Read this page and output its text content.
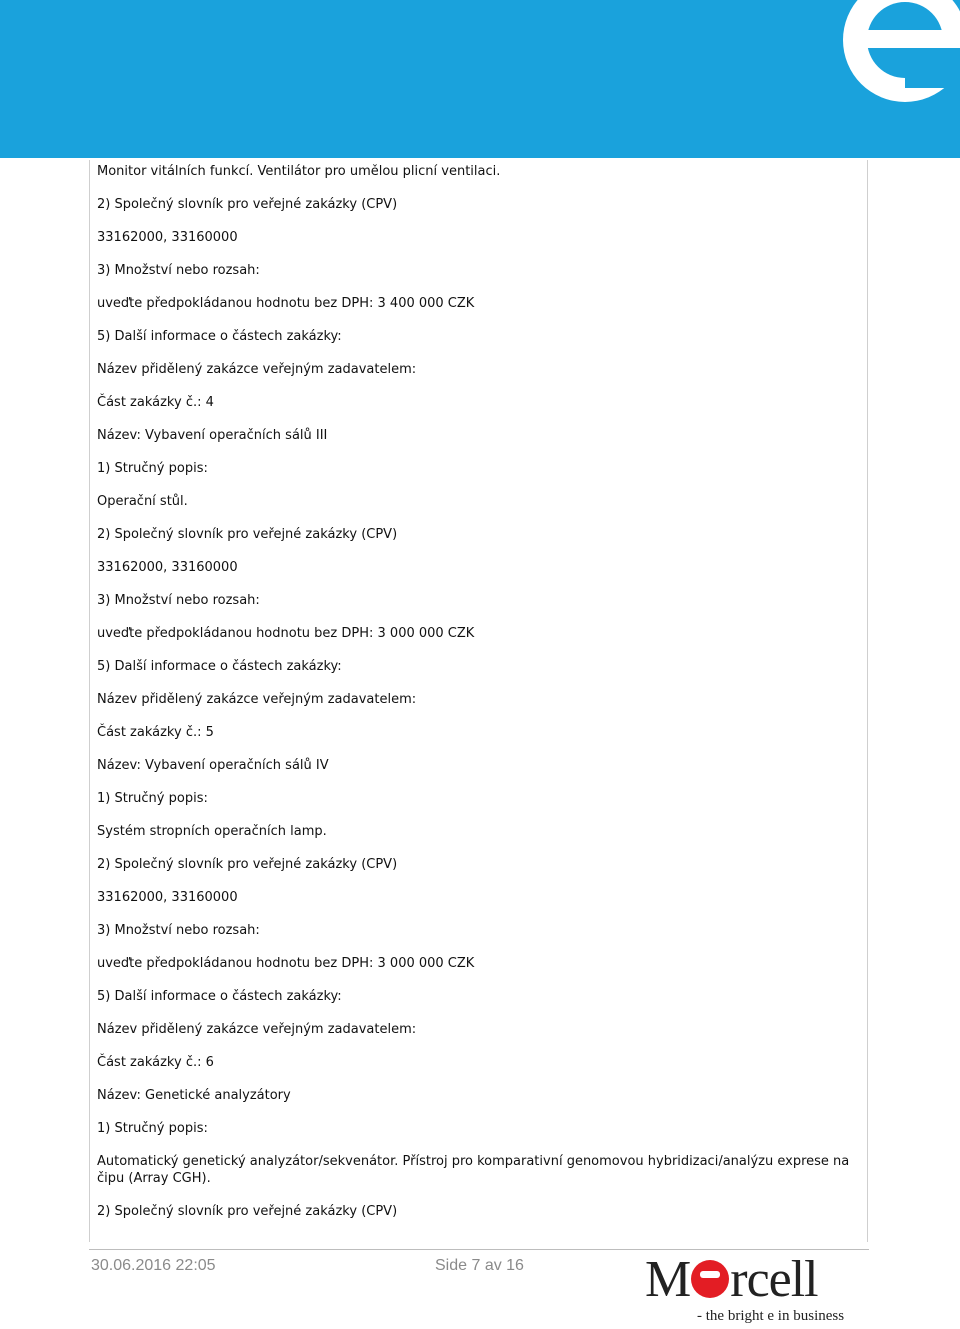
Monitor vitálních funkcí. Ventilátor pro umělou plicní ventilaci.

2) Společný slovník pro veřejné zakázky (CPV)

33162000, 33160000

3) Množství nebo rozsah:

uveďte předpokládanou hodnotu bez DPH: 3 400 000 CZK

5) Další informace o částech zakázky:

Název přidělený zakázce veřejným zadavatelem:

Část zakázky č.: 4

Název: Vybavení operačních sálů III

1) Stručný popis:

Operační stůl.

2) Společný slovník pro veřejné zakázky (CPV)

33162000, 33160000

3) Množství nebo rozsah:

uveďte předpokládanou hodnotu bez DPH: 3 000 000 CZK

5) Další informace o částech zakázky:

Název přidělený zakázce veřejným zadavatelem:

Část zakázky č.: 5

Název: Vybavení operačních sálů IV

1) Stručný popis:

Systém stropních operačních lamp.

2) Společný slovník pro veřejné zakázky (CPV)

33162000, 33160000

3) Množství nebo rozsah:

uveďte předpokládanou hodnotu bez DPH: 3 000 000 CZK

5) Další informace o částech zakázky:

Název přidělený zakázce veřejným zadavatelem:

Část zakázky č.: 6

Název: Genetické analyzátory

1) Stručný popis:

Automatický genetický analyzátor/sekvenátor. Přístroj pro komparativní genomovou hybridizaci/analýzu exprese na čipu (Array CGH).

2) Společný slovník pro veřejné zakázky (CPV)

30.06.2016 22:05	Side 7 av 16 M rcell
- the bright e in business
